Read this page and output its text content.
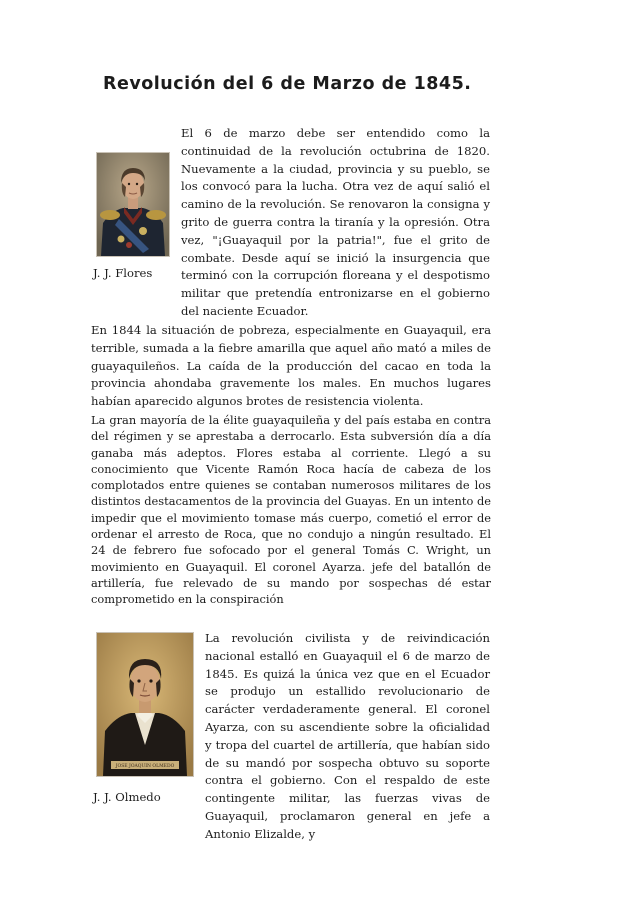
Revolución del 6 de Marzo de 1845.
J. J. Flores

El 6 de marzo debe ser entendido como la continuidad de la revolución octubrina de 1820. Nuevamente a la ciudad, provincia y su pueblo, se los convocó para la lucha. Otra vez de aquí salió el camino de la revolución. Se renovaron la consigna y grito de guerra contra la tiranía y la opresión. Otra vez, "¡Guayaquil por la patria!", fue el grito de combate. Desde aquí se inició la insurgencia que terminó con la corrupción floreana y el despotismo militar que pretendía entronizarse en el gobierno del naciente Ecuador.

En 1844 la situación de pobreza, especialmente en Guayaquil, era terrible, sumada a la fiebre amarilla que aquel año mató a miles de guayaquileños. La caída de la producción del cacao en toda la provincia ahondaba gravemente los males. En muchos lugares habían aparecido algunos brotes de resistencia violenta.

La gran mayoría de la élite guayaquileña y del país estaba en contra del régimen y se aprestaba a derrocarlo. Esta subversión día a día ganaba más adeptos. Flores estaba al corriente. Llegó a su conocimiento que Vicente Ramón Roca hacía de cabeza de los complotados entre quienes se contaban numerosos militares de los distintos destacamentos de la provincia del Guayas. En un intento de impedir que el movimiento tomase más cuerpo, cometió el error de ordenar el arresto de Roca, que no condujo a ningún resultado. El 24 de febrero fue sofocado por el general Tomás C. Wright, un movimiento en Guayaquil. El coronel Ayarza. jefe del batallón de artillería, fue relevado de su mando por sospechas dé estar comprometido en la conspiración

JOSE JOAQUIN OLMEDO
J. J. Olmedo

La revolución civilista y de reivindicación nacional estalló en Guayaquil el 6 de marzo de 1845. Es quizá la única vez que en el Ecuador se produjo un estallido revolucionario de carácter verdaderamente general. El coronel Ayarza, con su ascendiente sobre la oficialidad y tropa del cuartel de artillería, que habían sido de su mandó por sospecha obtuvo su soporte contra el gobierno. Con el respaldo de este contingente militar, las fuerzas vivas de Guayaquil, proclamaron general en jefe a Antonio Elizalde, y
